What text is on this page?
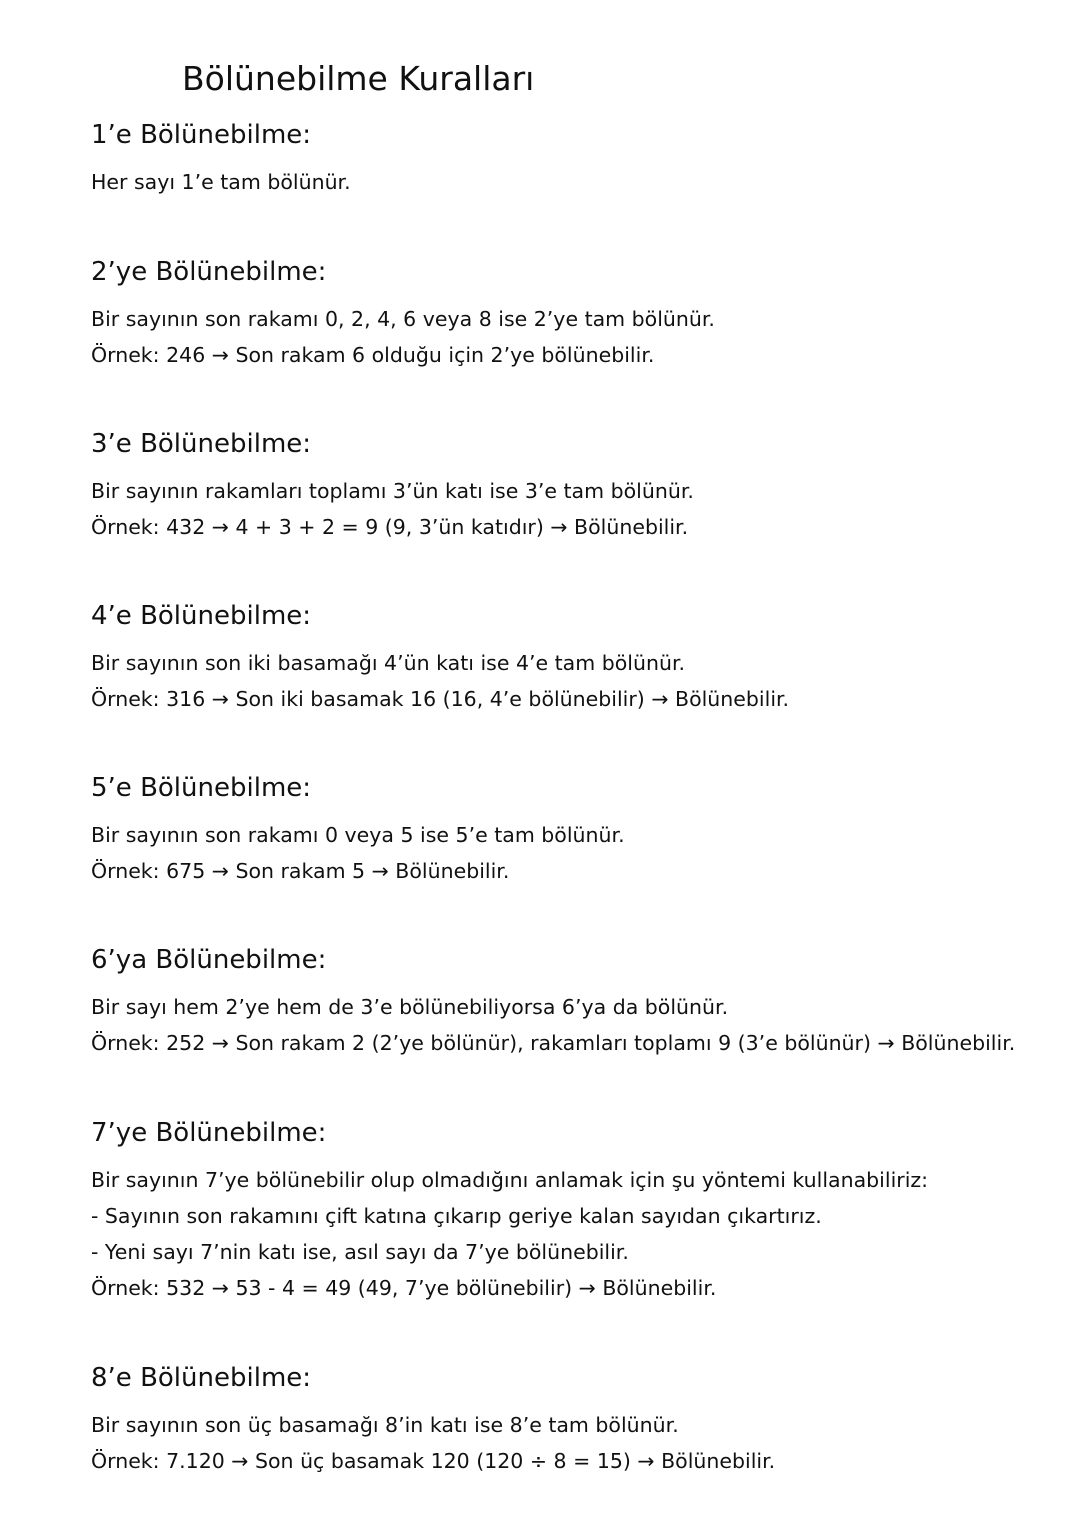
Bölünebilme Kuralları
1’e Bölünebilme:
Her sayı 1’e tam bölünür.
2’ye Bölünebilme:
Bir sayının son rakamı 0, 2, 4, 6 veya 8 ise 2’ye tam bölünür.
Örnek: 246 → Son rakam 6 olduğu için 2’ye bölünebilir.
3’e Bölünebilme:
Bir sayının rakamları toplamı 3’ün katı ise 3’e tam bölünür.
Örnek: 432 → 4 + 3 + 2 = 9 (9, 3’ün katıdır) → Bölünebilir.
4’e Bölünebilme:
Bir sayının son iki basamağı 4’ün katı ise 4’e tam bölünür.
Örnek: 316 → Son iki basamak 16 (16, 4’e bölünebilir) → Bölünebilir.
5’e Bölünebilme:
Bir sayının son rakamı 0 veya 5 ise 5’e tam bölünür.
Örnek: 675 → Son rakam 5 → Bölünebilir.
6’ya Bölünebilme:
Bir sayı hem 2’ye hem de 3’e bölünebiliyorsa 6’ya da bölünür.
Örnek: 252 → Son rakam 2 (2’ye bölünür), rakamları toplamı 9 (3’e bölünür) → Bölünebilir.
7’ye Bölünebilme:
Bir sayının 7’ye bölünebilir olup olmadığını anlamak için şu yöntemi kullanabiliriz:
- Sayının son rakamını çift katına çıkarıp geriye kalan sayıdan çıkartırız.
- Yeni sayı 7’nin katı ise, asıl sayı da 7’ye bölünebilir.
Örnek: 532 → 53 - 4 = 49 (49, 7’ye bölünebilir) → Bölünebilir.
8’e Bölünebilme:
Bir sayının son üç basamağı 8’in katı ise 8’e tam bölünür.
Örnek: 7.120 → Son üç basamak 120 (120 ÷ 8 = 15) → Bölünebilir.
